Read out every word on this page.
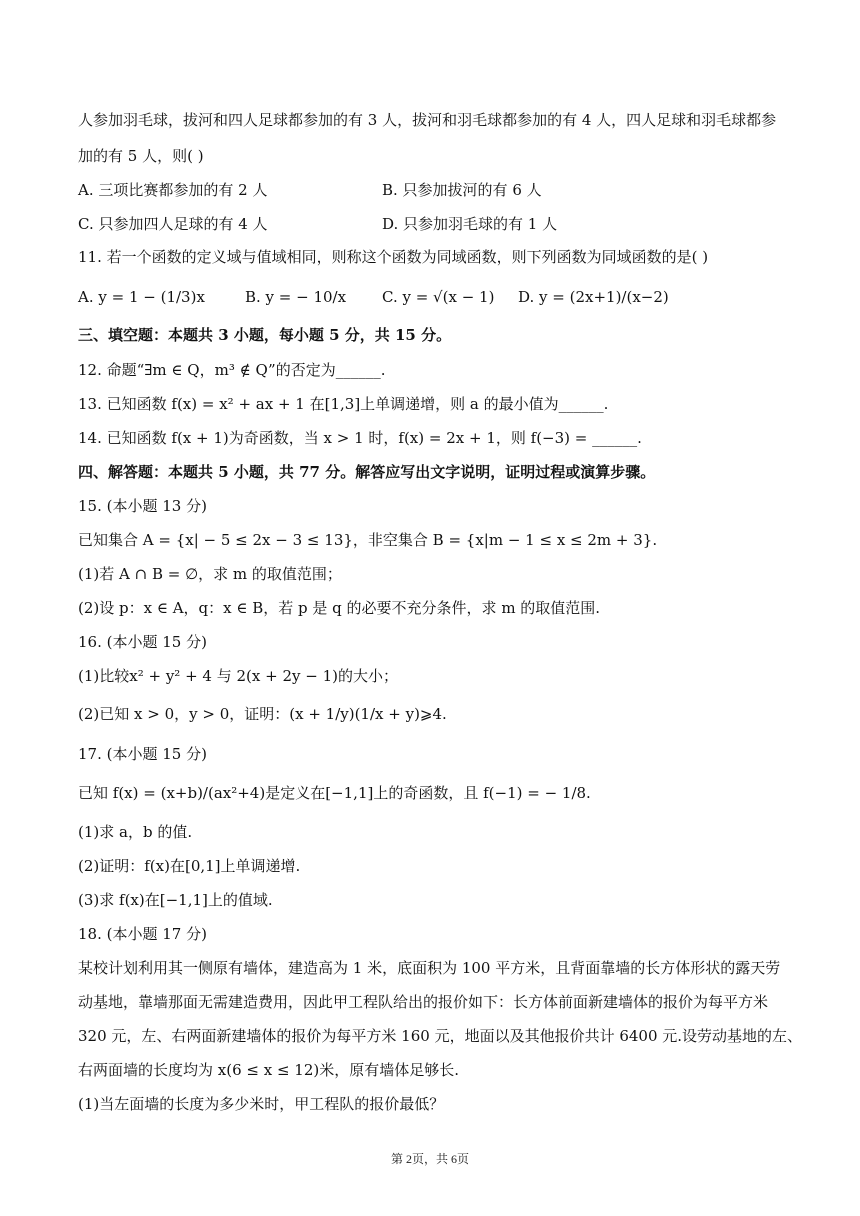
人参加羽毛球，拔河和四人足球都参加的有 3 人，拔河和羽毛球都参加的有 4 人，四人足球和羽毛球都参
加的有 5 人，则( )
A. 三项比赛都参加的有 2 人	B. 只参加拔河的有 6 人
C. 只参加四人足球的有 4 人	D. 只参加羽毛球的有 1 人
11. 若一个函数的定义域与值域相同，则称这个函数为同域函数，则下列函数为同域函数的是( )
A. y = 1 − (1/3)x	B. y = − 10/x C. y = √(x − 1) D. y = (2x+1)/(x−2)
三、填空题：本题共 3 小题，每小题 5 分，共 15 分。
12. 命题“∃m ∈ Q，m³ ∉ Q”的否定为______.
13. 已知函数 f(x) = x² + ax + 1 在[1,3]上单调递增，则 a 的最小值为______.
14. 已知函数 f(x + 1)为奇函数，当 x > 1 时，f(x) = 2x + 1，则 f(−3) = ______.
四、解答题：本题共 5 小题，共 77 分。解答应写出文字说明，证明过程或演算步骤。
15. (本小题 13 分)
已知集合 A = {x| − 5 ≤ 2x − 3 ≤ 13}，非空集合 B = {x|m − 1 ≤ x ≤ 2m + 3}.
(1)若 A ∩ B = ∅，求 m 的取值范围；
(2)设 p：x ∈ A，q：x ∈ B，若 p 是 q 的必要不充分条件，求 m 的取值范围.
16. (本小题 15 分)
(1)比较x² + y² + 4 与 2(x + 2y − 1)的大小；
(2)已知 x > 0，y > 0，证明：(x + 1/y)(1/x + y)⩾4.
17. (本小题 15 分)
已知 f(x) = (x+b)/(ax²+4)是定义在[−1,1]上的奇函数，且 f(−1) = − 1/8.
(1)求 a，b 的值.
(2)证明：f(x)在[0,1]上单调递增.
(3)求 f(x)在[−1,1]上的值域.
18. (本小题 17 分)
某校计划利用其一侧原有墙体，建造高为 1 米，底面积为 100 平方米，且背面靠墙的长方体形状的露天劳
动基地，靠墙那面无需建造费用，因此甲工程队给出的报价如下：长方体前面新建墙体的报价为每平方米
320 元，左、右两面新建墙体的报价为每平方米 160 元，地面以及其他报价共计 6400 元.设劳动基地的左、
右两面墙的长度均为 x(6 ≤ x ≤ 12)米，原有墙体足够长.
(1)当左面墙的长度为多少米时，甲工程队的报价最低？
第 2页，共 6页
